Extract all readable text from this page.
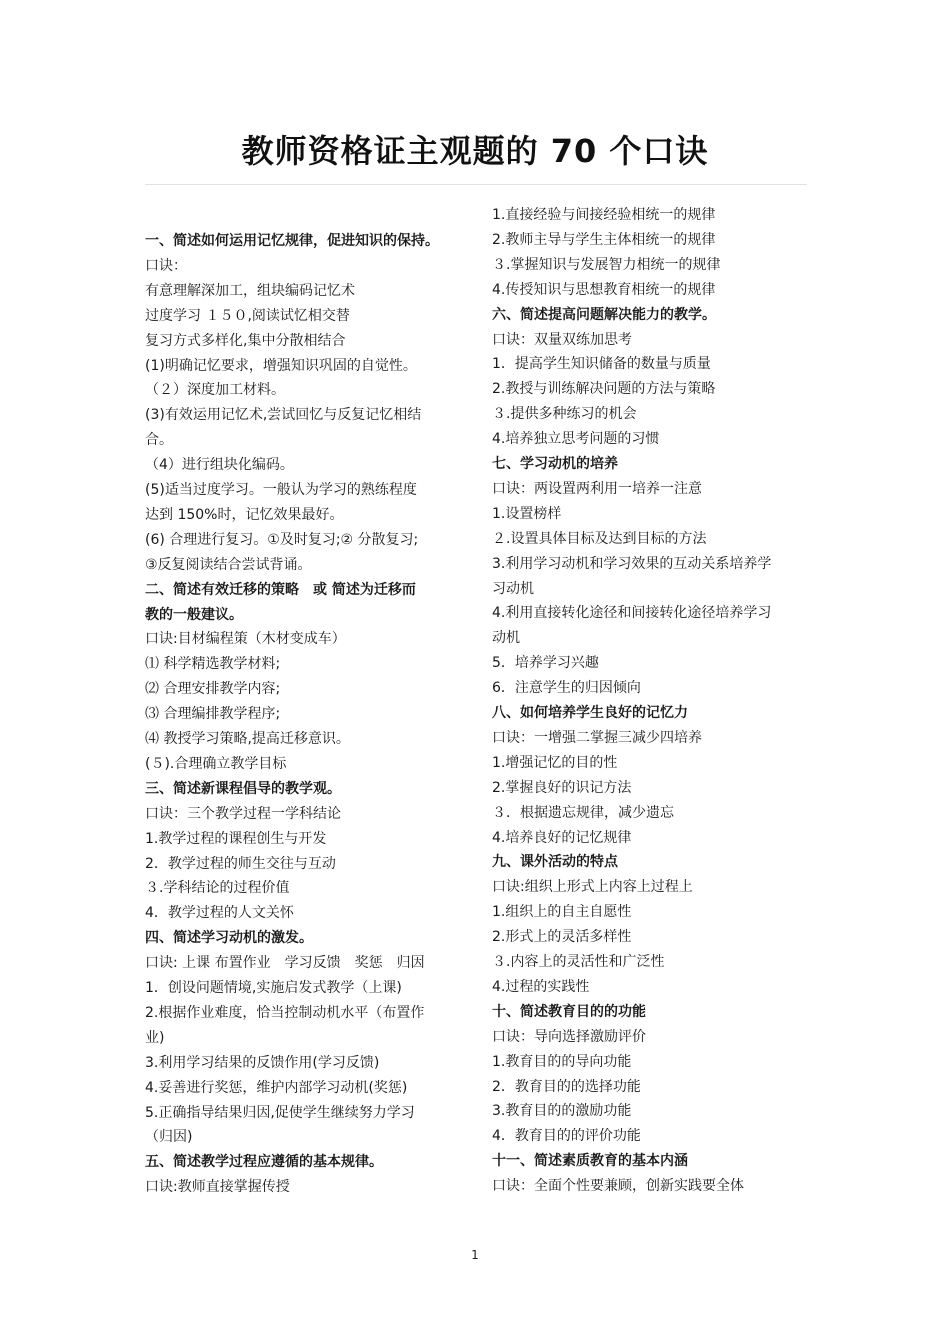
教师资格证主观题的 70 个口诀
一、简述如何运用记忆规律，促进知识的保持。
口诀：
有意理解深加工，组块编码记忆术
过度学习 １５０,阅读试忆相交替
复习方式多样化,集中分散相结合
(1)明确记忆要求，增强知识巩固的自觉性。
（２）深度加工材料。
(3)有效运用记忆术,尝试回忆与反复记忆相结
合。
（4）进行组块化编码。
(5)适当过度学习。一般认为学习的熟练程度
达到 150%时，记忆效果最好。
(6) 合理进行复习。①及时复习;② 分散复习;
③反复阅读结合尝试背诵。
二、简述有效迁移的策略　或 简述为迁移而
教的一般建议。
口诀:目材编程策（木材变成车）
⑴ 科学精选教学材料;
⑵ 合理安排教学内容;
⑶ 合理编排教学程序;
⑷ 教授学习策略,提高迁移意识。
(５).合理确立教学目标
三、简述新课程倡导的教学观。
口诀：三个教学过程一学科结论
1.教学过程的课程创生与开发
2．教学过程的师生交往与互动
３.学科结论的过程价值
4．教学过程的人文关怀
四、简述学习动机的激发。
口诀: 上课 布置作业　学习反馈　奖惩　归因
1．创设问题情境,实施启发式教学（上课)
2.根据作业难度，恰当控制动机水平（布置作
业)
3.利用学习结果的反馈作用(学习反馈)
4.妥善进行奖惩，维护内部学习动机(奖惩)
5.正确指导结果归因,促使学生继续努力学习
（归因)
五、简述教学过程应遵循的基本规律。
口诀:教师直接掌握传授
1.直接经验与间接经验相统一的规律
2.教师主导与学生主体相统一的规律
３.掌握知识与发展智力相统一的规律
4.传授知识与思想教育相统一的规律
六、简述提高问题解决能力的教学。
口诀：双量双练加思考
1．提高学生知识储备的数量与质量
2.教授与训练解决问题的方法与策略
３.提供多种练习的机会
4.培养独立思考问题的习惯
七、学习动机的培养
口诀：两设置两利用一培养一注意
1.设置榜样
２.设置具体目标及达到目标的方法
3.利用学习动机和学习效果的互动关系培养学
习动机
4.利用直接转化途径和间接转化途径培养学习
动机
5．培养学习兴趣
6．注意学生的归因倾向
八、如何培养学生良好的记忆力
口诀：一增强二掌握三减少四培养
1.增强记忆的目的性
2.掌握良好的识记方法
３．根据遗忘规律，减少遗忘
4.培养良好的记忆规律
九、课外活动的特点
口诀:组织上形式上内容上过程上
1.组织上的自主自愿性
2.形式上的灵活多样性
３.内容上的灵活性和广泛性
4.过程的实践性
十、简述教育目的的功能
口诀：导向选择激励评价
1.教育目的的导向功能
2．教育目的的选择功能
3.教育目的的激励功能
4．教育目的的评价功能
十一、简述素质教育的基本内涵
口诀：全面个性要兼顾，创新实践要全体
1
